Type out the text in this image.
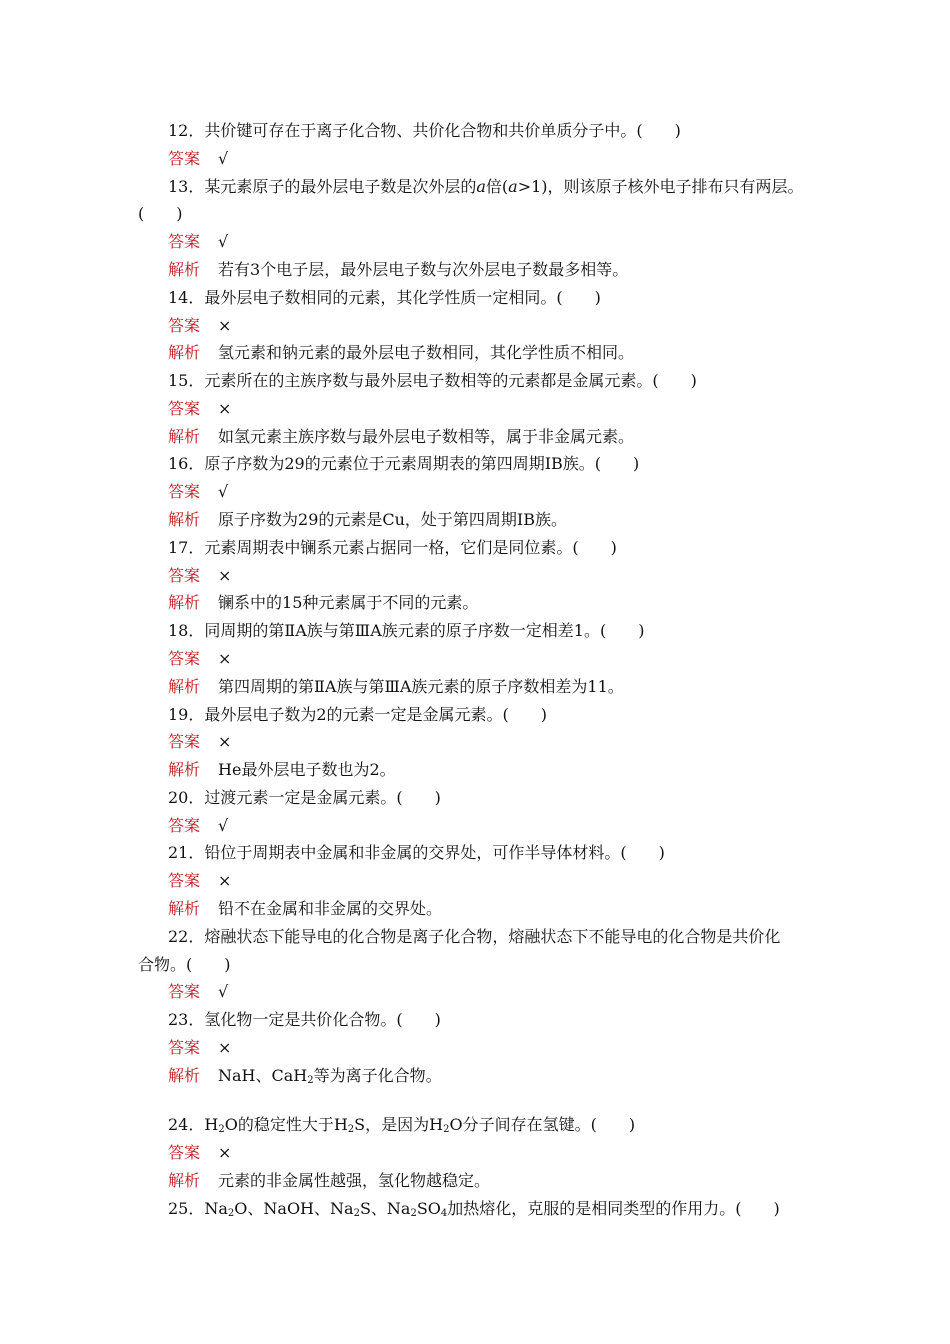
12．共价键可存在于离子化合物、共价化合物和共价单质分子中。(　　)
答案 √
13．某元素原子的最外层电子数是次外层的a倍(a>1)，则该原子核外电子排布只有两层。
(　　)
答案 √
解析 若有3个电子层，最外层电子数与次外层电子数最多相等。
14．最外层电子数相同的元素，其化学性质一定相同。(　　)
答案 ×
解析 氢元素和钠元素的最外层电子数相同，其化学性质不相同。
15．元素所在的主族序数与最外层电子数相等的元素都是金属元素。(　　)
答案 ×
解析 如氢元素主族序数与最外层电子数相等，属于非金属元素。
16．原子序数为29的元素位于元素周期表的第四周期ⅠB族。(　　)
答案 √
解析 原子序数为29的元素是Cu，处于第四周期ⅠB族。
17．元素周期表中镧系元素占据同一格，它们是同位素。(　　)
答案 ×
解析 镧系中的15种元素属于不同的元素。
18．同周期的第ⅡA族与第ⅢA族元素的原子序数一定相差1。(　　)
答案 ×
解析 第四周期的第ⅡA族与第ⅢA族元素的原子序数相差为11。
19．最外层电子数为2的元素一定是金属元素。(　　)
答案 ×
解析 He最外层电子数也为2。
20．过渡元素一定是金属元素。(　　)
答案 √
21．铅位于周期表中金属和非金属的交界处，可作半导体材料。(　　)
答案 ×
解析 铅不在金属和非金属的交界处。
22．熔融状态下能导电的化合物是离子化合物，熔融状态下不能导电的化合物是共价化
合物。(　　)
答案 √
23．氢化物一定是共价化合物。(　　)
答案 ×
解析 NaH、CaH$_2$等为离子化合物。
24．$H_2O$的稳定性大于$H_2S$，是因为$H_2O$分子间存在氢键。(　　)
答案 ×
解析 元素的非金属性越强，氢化物越稳定。
25．$Na_2O$、NaOH、$Na_2S$、$Na_2SO_4$加热熔化，克服的是相同类型的作用力。(　　)
